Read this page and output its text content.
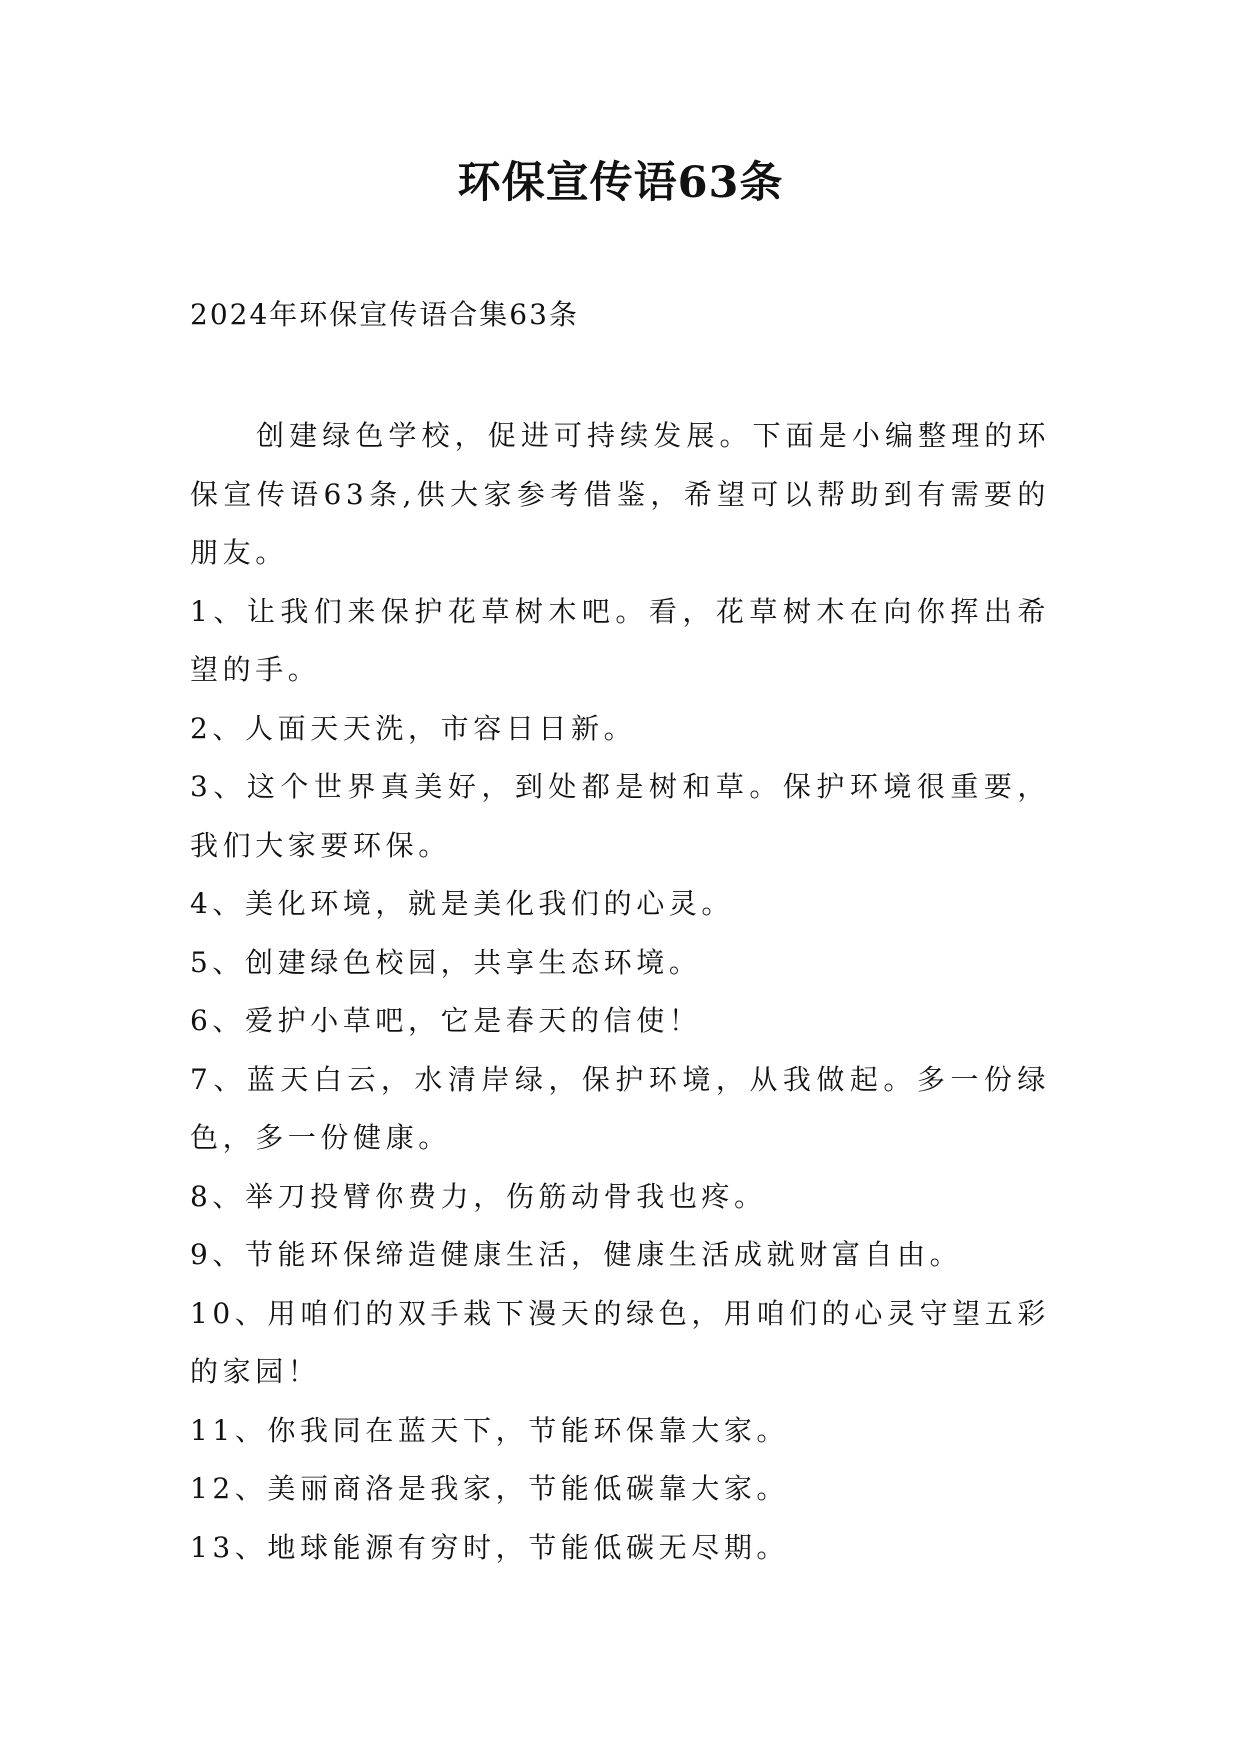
环保宣传语63条
2024年环保宣传语合集63条

创建绿色学校，促进可持续发展。下面是小编整理的环保宣传语63条,供大家参考借鉴，希望可以帮助到有需要的朋友。

1、让我们来保护花草树木吧。看，花草树木在向你挥出希望的手。

2、人面天天洗，市容日日新。

3、这个世界真美好，到处都是树和草。保护环境很重要，我们大家要环保。

4、美化环境，就是美化我们的心灵。

5、创建绿色校园，共享生态环境。

6、爱护小草吧，它是春天的信使！

7、蓝天白云，水清岸绿，保护环境，从我做起。多一份绿色，多一份健康。

8、举刀投臂你费力，伤筋动骨我也疼。

9、节能环保缔造健康生活，健康生活成就财富自由。

10、用咱们的双手栽下漫天的绿色，用咱们的心灵守望五彩的家园！

11、你我同在蓝天下，节能环保靠大家。

12、美丽商洛是我家，节能低碳靠大家。

13、地球能源有穷时，节能低碳无尽期。
